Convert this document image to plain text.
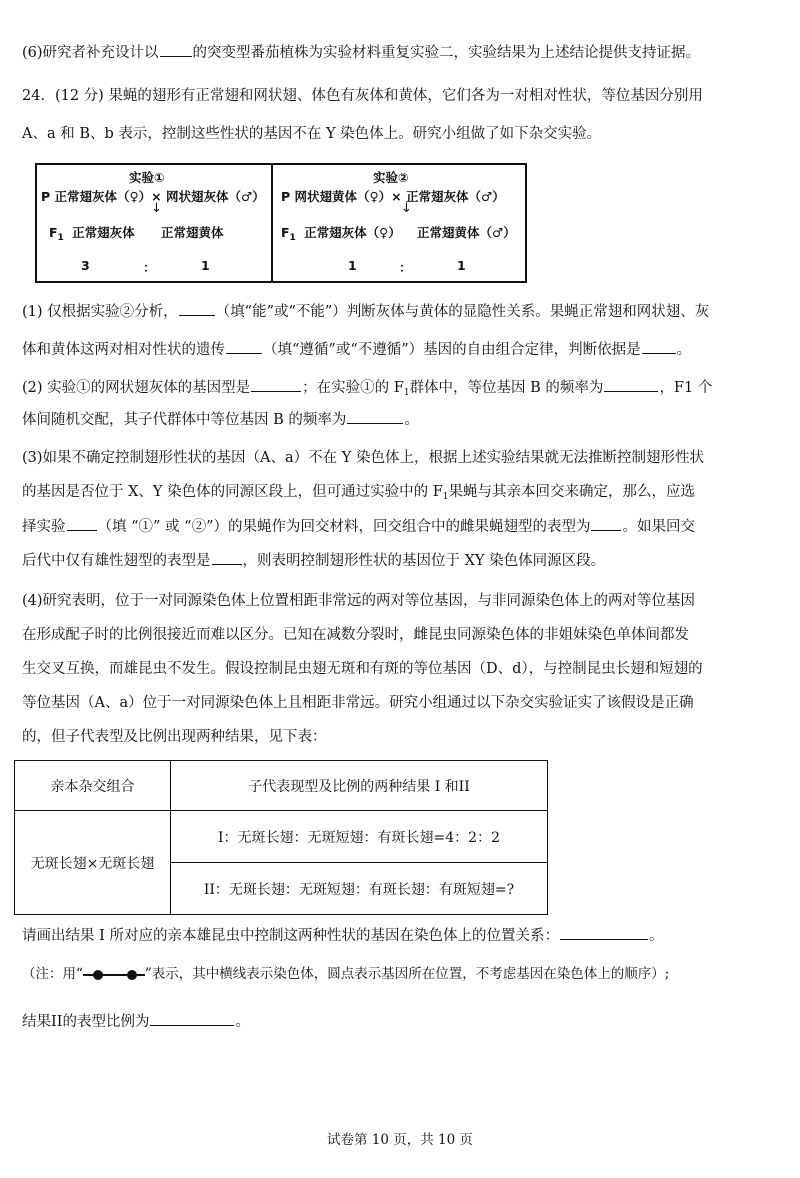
(6)研究者补充设计以 的突变型番茄植株为实验材料重复实验二，实验结果为上述结论提供支持证据。
24．(12 分) 果蝇的翅形有正常翅和网状翅、体色有灰体和黄体，它们各为一对相对性状，等位基因分别用
A、a 和 B、b 表示，控制这些性状的基因不在 Y 染色体上。研究小组做了如下杂交实验。
实验①
P 正常翅灰体（♀）× 网状翅灰体（♂）
↓
$F_1$ 正常翅灰体 正常翅黄体
3	：	1
实验②
P 网状翅黄体（♀）× 正常翅灰体（♂）
↓
$F_1$ 正常翅灰体（♀） 正常翅黄体（♂）
1	：	1
(1) 仅根据实验②分析，	（填“能”或“不能”）判断灰体与黄体的显隐性关系。果蝇正常翅和网状翅、灰
体和黄体这两对相对性状的遗传	（填“遵循”或“不遵循”）基因的自由组合定律，判断依据是 。
(2) 实验①的网状翅灰体的基因型是	；在实验①的 $F_1$群体中，等位基因 B 的频率为	，F1 个
体间随机交配，其子代群体中等位基因 B 的频率为	。
(3)如果不确定控制翅形性状的基因（A、a）不在 Y 染色体上，根据上述实验结果就无法推断控制翅形性状
的基因是否位于 X、Y 染色体的同源区段上，但可通过实验中的 $F_1$果蝇与其亲本回交来确定，那么，应选
择实验 （填 “①” 或 “②”）的果蝇作为回交材料，回交组合中的雌果蝇翅型的表型为 。如果回交
后代中仅有雄性翅型的表型是 ，则表明控制翅形性状的基因位于 XY 染色体同源区段。
(4)研究表明，位于一对同源染色体上位置相距非常远的两对等位基因，与非同源染色体上的两对等位基因
在形成配子时的比例很接近而难以区分。已知在减数分裂时，雌昆虫同源染色体的非姐妹染色单体间都发
生交叉互换，而雄昆虫不发生。假设控制昆虫翅无斑和有斑的等位基因（D、d），与控制昆虫长翅和短翅的
等位基因（A、a）位于一对同源染色体上且相距非常远。研究小组通过以下杂交实验证实了该假设是正确
的，但子代表型及比例出现两种结果，见下表：
亲本杂交组合	子代表现型及比例的两种结果 I 和II
无斑长翅×无斑长翅	I：无斑长翅：无斑短翅：有斑长翅=4：2：2
	II：无斑长翅：无斑短翅：有斑长翅：有斑短翅=?
请画出结果 I 所对应的亲本雄昆虫中控制这两种性状的基因在染色体上的位置关系：	。
（注：用“	”表示，其中横线表示染色体，圆点表示基因所在位置，不考虑基因在染色体上的顺序）;
结果II的表型比例为	。
试卷第 10 页，共 10 页
